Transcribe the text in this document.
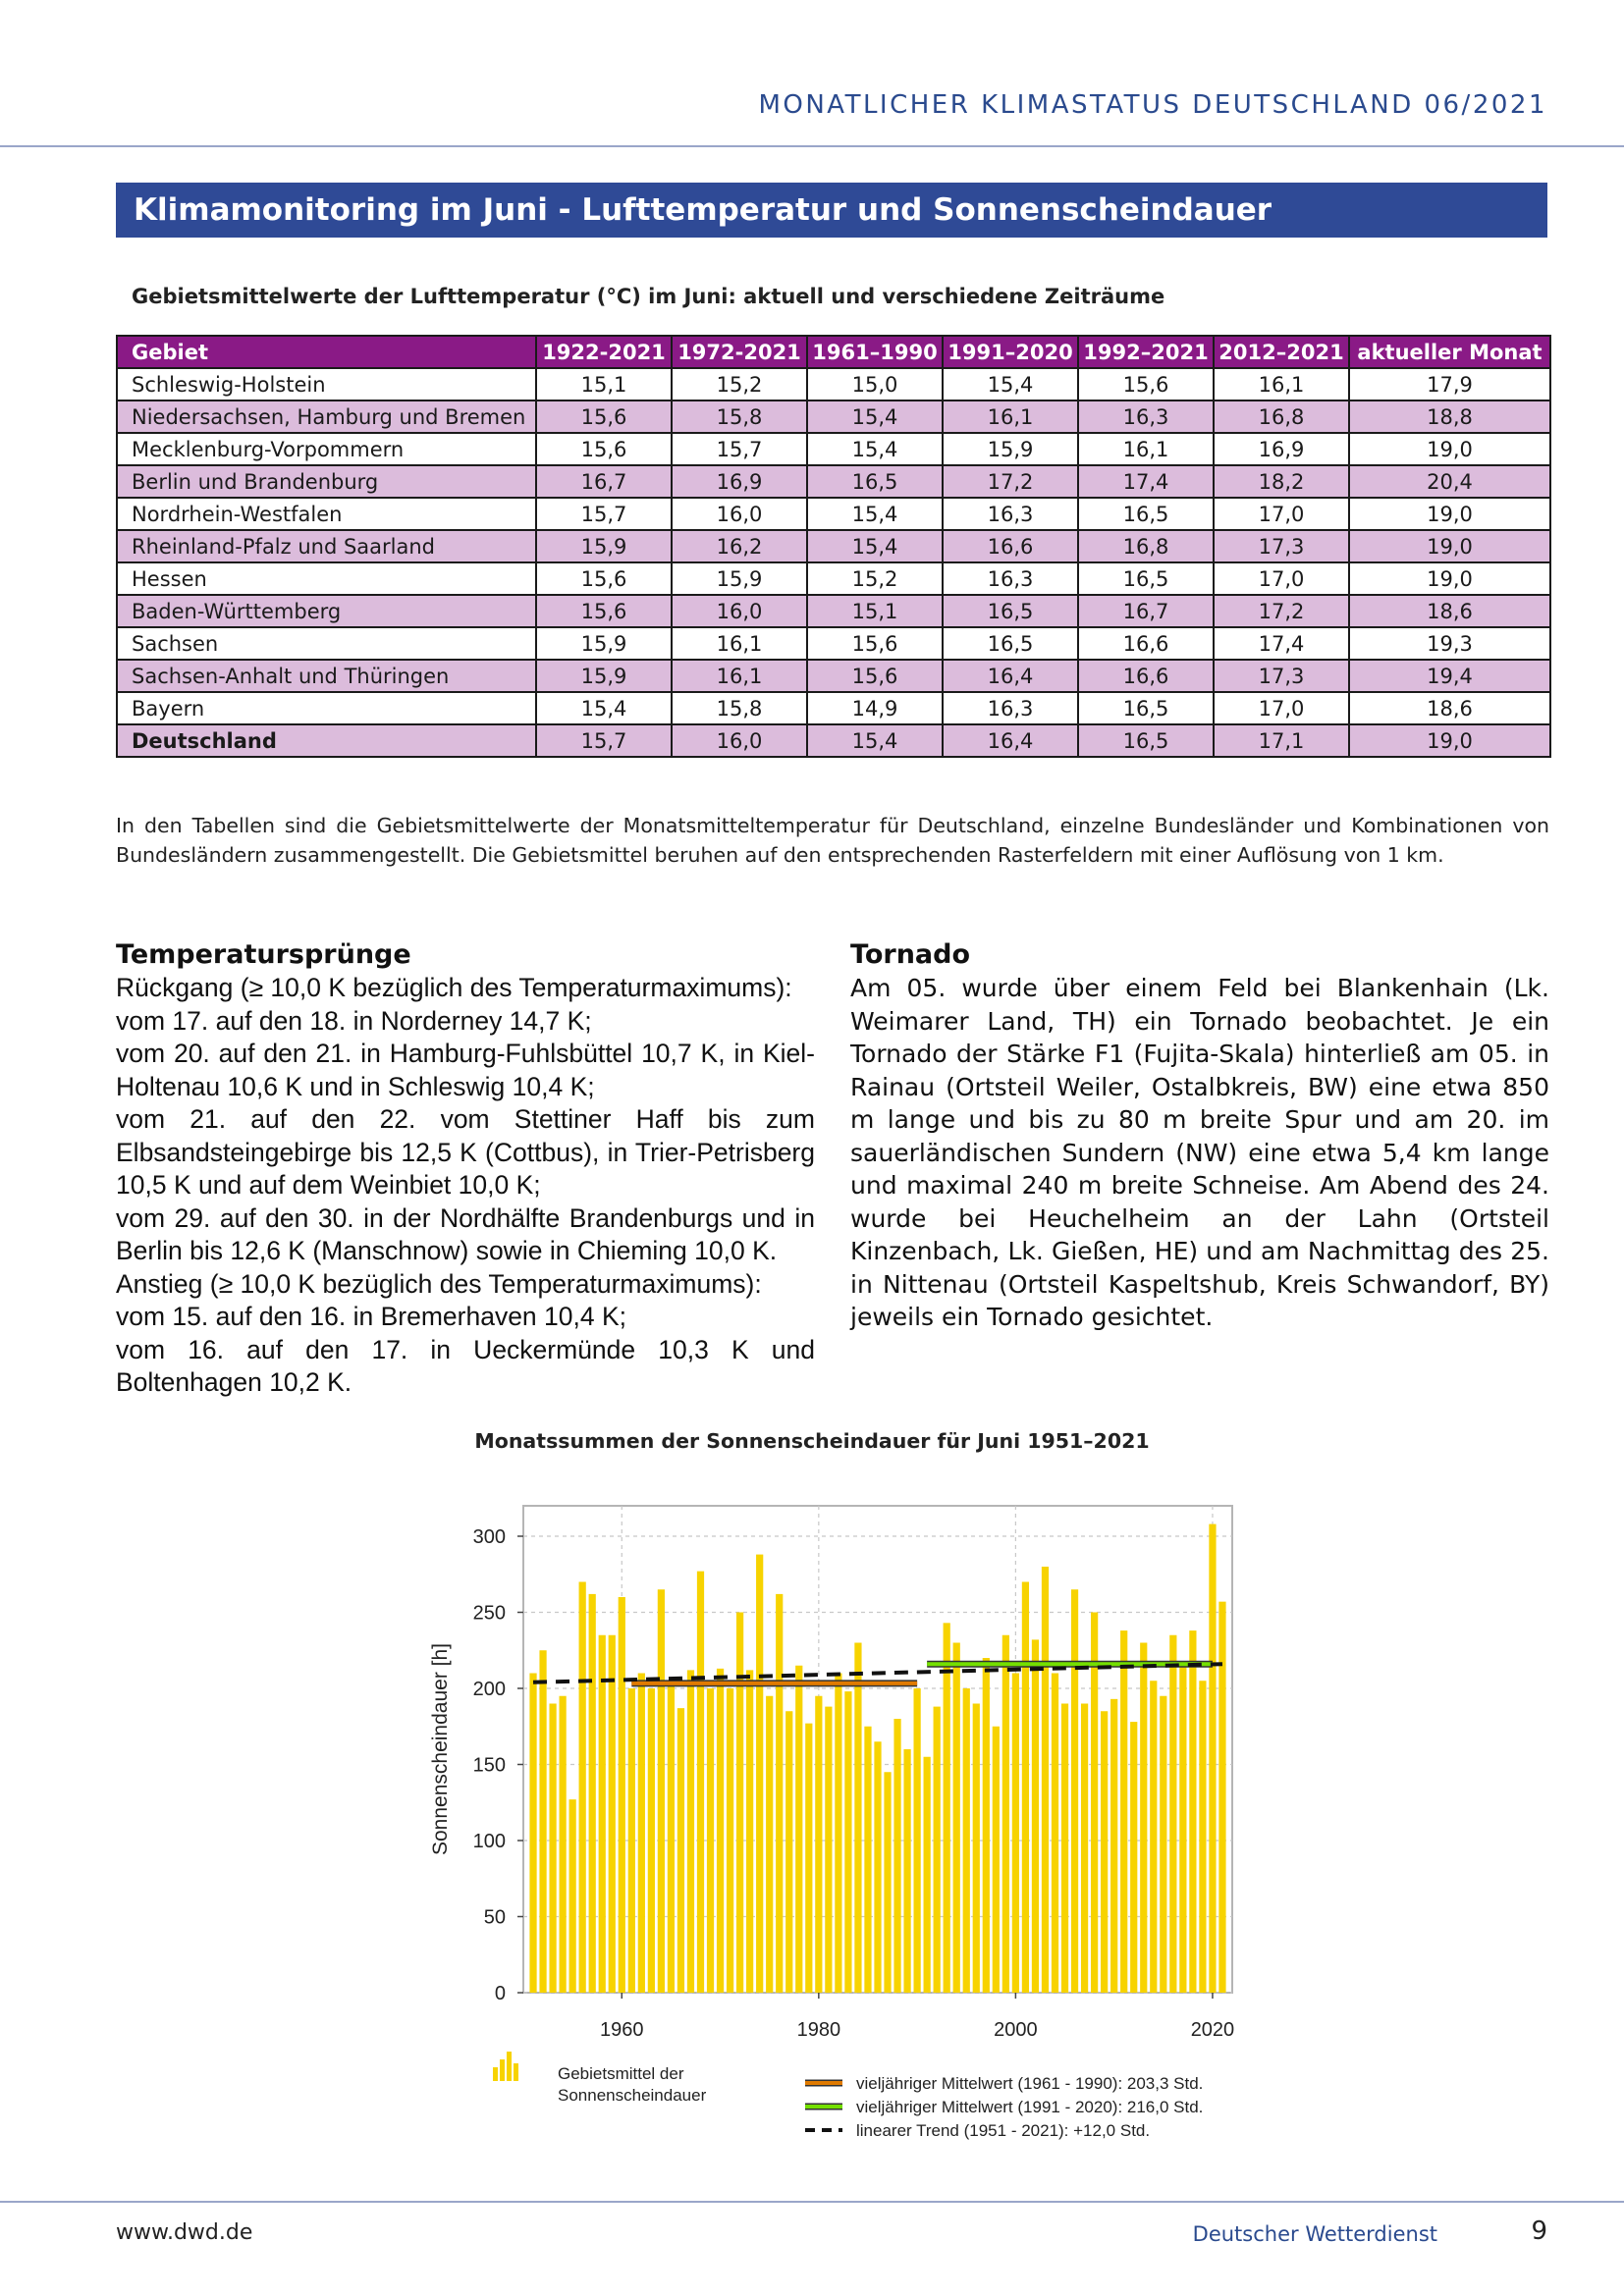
MONATLICHER KLIMASTATUS DEUTSCHLAND 06/2021
Klimamonitoring im Juni - Lufttemperatur und Sonnenscheindauer
Gebietsmittelwerte der Lufttemperatur (°C) im Juni: aktuell und verschiedene Zeiträume
Gebiet	1922-2021	1972-2021	1961–1990	1991–2020	1992–2021	2012–2021	aktueller Monat
Schleswig-Holstein	15,1	15,2	15,0	15,4	15,6	16,1	17,9
Niedersachsen, Hamburg und Bremen	15,6	15,8	15,4	16,1	16,3	16,8	18,8
Mecklenburg-Vorpommern	15,6	15,7	15,4	15,9	16,1	16,9	19,0
Berlin und Brandenburg	16,7	16,9	16,5	17,2	17,4	18,2	20,4
Nordrhein-Westfalen	15,7	16,0	15,4	16,3	16,5	17,0	19,0
Rheinland-Pfalz und Saarland	15,9	16,2	15,4	16,6	16,8	17,3	19,0
Hessen	15,6	15,9	15,2	16,3	16,5	17,0	19,0
Baden-Württemberg	15,6	16,0	15,1	16,5	16,7	17,2	18,6
Sachsen	15,9	16,1	15,6	16,5	16,6	17,4	19,3
Sachsen-Anhalt und Thüringen	15,9	16,1	15,6	16,4	16,6	17,3	19,4
Bayern	15,4	15,8	14,9	16,3	16,5	17,0	18,6
Deutschland	15,7	16,0	15,4	16,4	16,5	17,1	19,0
In den Tabellen sind die Gebietsmittelwerte der Monatsmitteltemperatur für Deutschland, einzelne Bundesländer und Kombinationen von Bundesländern zusammengestellt. Die Gebietsmittel beruhen auf den entsprechenden Rasterfeldern mit einer Auflösung von 1 km.
Temperatursprünge
Rückgang (≥ 10,0 K bezüglich des Temperaturmaximums):
vom 17. auf den 18. in Norderney 14,7 K;
vom 20. auf den 21. in Hamburg-Fuhlsbüttel 10,7 K, in Kiel-Holtenau 10,6 K und in Schleswig 10,4 K;
vom 21. auf den 22. vom Stettiner Haff bis zum Elbsandsteingebirge bis 12,5 K (Cottbus), in Trier-Petrisberg 10,5 K und auf dem Weinbiet 10,0 K;
vom 29. auf den 30. in der Nordhälfte Brandenburgs und in Berlin bis 12,6 K (Manschnow) sowie in Chieming 10,0 K.
Anstieg (≥ 10,0 K bezüglich des Temperaturmaximums):
vom 15. auf den 16. in Bremerhaven 10,4 K;
vom 16. auf den 17. in Ueckermünde 10,3 K und Boltenhagen 10,2 K.
Tornado
Am 05. wurde über einem Feld bei Blankenhain (Lk. Weimarer Land, TH) ein Tornado beobachtet. Je ein Tornado der Stärke F1 (Fujita-Skala) hinterließ am 05. in Rainau (Ortsteil Weiler, Ostalbkreis, BW) eine etwa 850 m lange und bis zu 80 m breite Spur und am 20. im sauerländischen Sundern (NW) eine etwa 5,4 km lange und maximal 240 m breite Schneise. Am Abend des 24. wurde bei Heuchelheim an der Lahn (Ortsteil Kinzenbach, Lk. Gießen, HE) und am Nachmittag des 25. in Nittenau (Ortsteil Kaspeltshub, Kreis Schwandorf, BY) jeweils ein Tornado gesichtet.
Monatssummen der Sonnenscheindauer für Juni 1951–2021
0
50
100
150
200
250
300
1960	1980	2000	2020
Sonnenscheindauer [h]
Gebietsmittel der Sonnenscheindauer
vieljähriger Mittelwert (1961 - 1990): 203,3 Std.
vieljähriger Mittelwert (1991 - 2020): 216,0 Std.
linearer Trend (1951 - 2021): +12,0 Std.
www.dwd.de	Deutscher Wetterdienst	9
